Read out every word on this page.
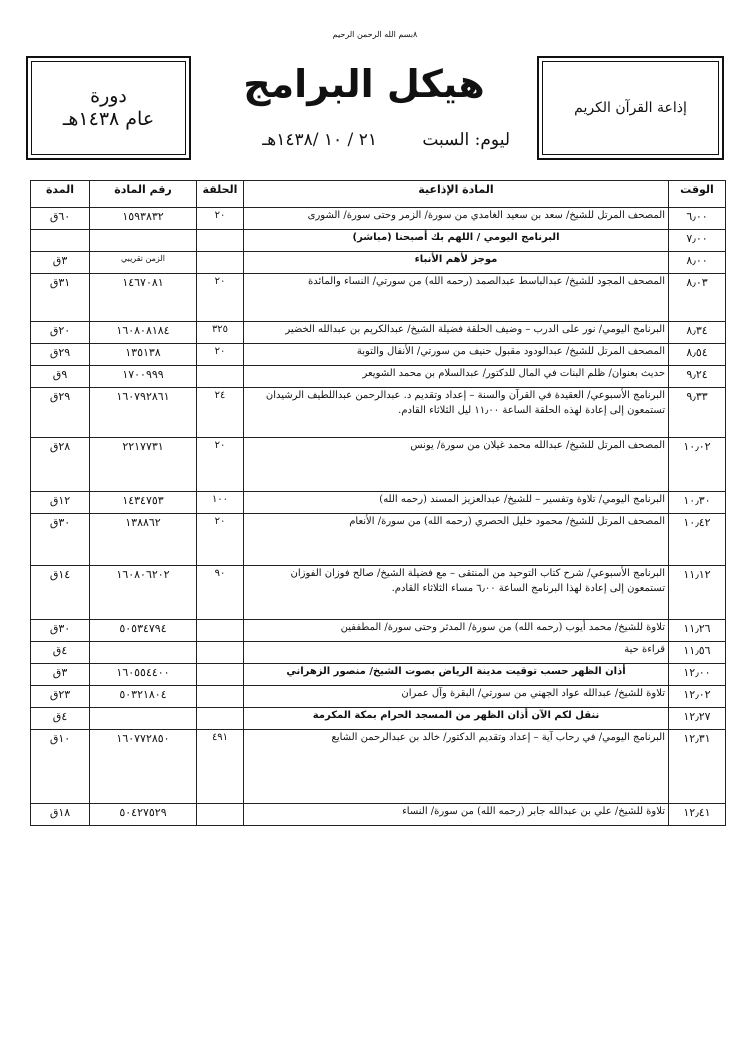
٨بسم الله الرحمن الرحيم
دورة
عام ١٤٣٨هـ
هيكل البرامج
إذاعة القرآن الكريم
ليوم: السبت ٢١ / ١٠ /١٤٣٨هـ
الوقت	المادة الإذاعية	الحلقة	رقم المادة	المدة
٦٫٠٠	المصحف المرتل للشيخ/ سعد بن سعيد الغامدي من سورة/ الزمر وحتى سورة/ الشورى	٢٠	١٥٩٣٨٣٢	٦٠ق
٧٫٠٠	البرنامج اليومي / اللهم بك أصبحنا (مباشر)			
٨٫٠٠	موجز لأهم الأنباء		الزمن تقريبي	٣ق
٨٫٠٣	المصحف المجود للشيخ/ عبدالباسط عبدالصمد (رحمه الله) من سورتي/ النساء والمائدة	٢٠	١٤٦٧٠٨١	٣١ق
٨٫٣٤	البرنامج اليومي/ نور على الدرب – وضيف الحلقة فضيلة الشيخ/ عبدالكريم بن عبدالله الخضير	٣٢٥	١٦٠٨٠٨١٨٤	٢٠ق
٨٫٥٤	المصحف المرتل للشيخ/ عبدالودود مقبول حنيف من سورتي/ الأنفال والتوبة	٢٠	١٣٥١٣٨	٢٩ق
٩٫٢٤	حديث بعنوان/ ظلم البنات في المال للدكتور/ عبدالسلام بن محمد الشويعر		١٧٠٠٩٩٩	٩ق
٩٫٣٣	البرنامج الأسبوعي/ العقيدة في القرآن والسنة – إعداد وتقديم د. عبدالرحمن عبداللطيف الرشيدان
تستمعون إلى إعادة لهذه الحلقة الساعة ١١٫٠٠ ليل الثلاثاء القادم.	٢٤	١٦٠٧٩٢٨٦١	٢٩ق
١٠٫٠٢	المصحف المرتل للشيخ/ عبدالله محمد غيلان من سورة/ يونس	٢٠	٢٢١٧٧٣١	٢٨ق
١٠٫٣٠	البرنامج اليومي/ تلاوة وتفسير – للشيخ/ عبدالعزيز المسند (رحمه الله)	١٠٠	١٤٣٤٧٥٣	١٢ق
١٠٫٤٢	المصحف المرتل للشيخ/ محمود خليل الحصري (رحمه الله) من سورة/ الأنعام	٢٠	١٣٨٨٦٢	٣٠ق
١١٫١٢	البرنامج الأسبوعي/ شرح كتاب التوحيد من المنتقى – مع فضيلة الشيخ/ صالح فوزان الفوزان
تستمعون إلى إعادة لهذا البرنامج الساعة ٦٫٠٠ مساء الثلاثاء القادم.	٩٠	١٦٠٨٠٦٢٠٢	١٤ق
١١٫٢٦	تلاوة للشيخ/ محمد أيوب (رحمه الله) من سورة/ المدثر وحتى سورة/ المطففين		٥٠٥٣٤٧٩٤	٣٠ق
١١٫٥٦	قراءة حية			٤ق
١٢٫٠٠	أذان الظهر حسب توقيت مدينة الرياض بصوت الشيخ/ منصور الزهراني		١٦٠٥٥٤٤٠٠	٣ق
١٢٫٠٢	تلاوة للشيخ/ عبدالله عواد الجهني من سورتي/ البقرة وآل عمران		٥٠٣٢١٨٠٤	٢٣ق
١٢٫٢٧	ننقل لكم الآن أذان الظهر من المسجد الحرام بمكة المكرمة			٤ق
١٢٫٣١	البرنامج اليومي/ في رحاب آية – إعداد وتقديم الدكتور/ خالد بن عبدالرحمن الشايع	٤٩١	١٦٠٧٧٢٨٥٠	١٠ق
١٢٫٤١	تلاوة للشيخ/ علي بن عبدالله جابر (رحمه الله) من سورة/ النساء		٥٠٤٢٧٥٢٩	١٨ق
